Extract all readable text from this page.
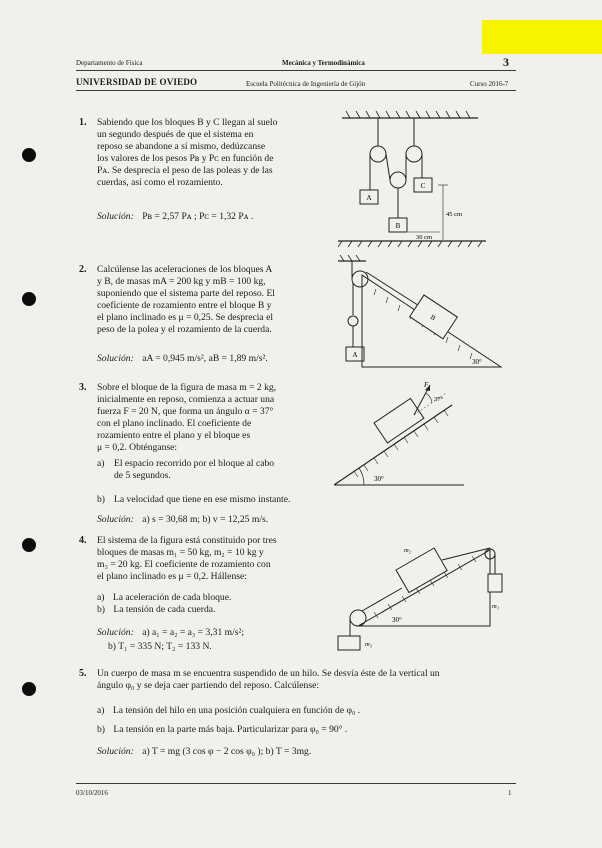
Departamento de Física	Mecánica y Termodinámica	3
UNIVERSIDAD DE OVIEDO	Escuela Politécnica de Ingeniería de Gijón	Curso 2016-7
1. Sabiendo que los bloques B y C llegan al suelo
un segundo después de que el sistema en
reposo se abandone a sí mismo, dedúzcanse
los valores de los pesos Pʙ y Pᴄ en función de
Pᴀ. Se desprecia el peso de las poleas y de las
cuerdas, así como el rozamiento.
Solución: Pʙ = 2,57 Pᴀ ; Pᴄ = 1,32 Pᴀ .
A
B
C
45 cm
30 cm
2. Calcúlense las aceleraciones de los bloques A
y B, de masas mA = 200 kg y mB = 100 kg,
suponiendo que el sistema parte del reposo. El
coeficiente de rozamiento entre el bloque B y
el plano inclinado es μ = 0,25. Se desprecia el
peso de la polea y el rozamiento de la cuerda.
Solución: aA = 0,945 m/s², aB = 1,89 m/s².	A
B
30°
3. Sobre el bloque de la figura de masa m = 2 kg,
inicialmente en reposo, comienza a actuar una
fuerza F = 20 N, que forma un ángulo α = 37°
con el plano inclinado. El coeficiente de
rozamiento entre el plano y el bloque es
μ = 0,2. Obténganse:
a) El espacio recorrido por el bloque al cabo
de 5 segundos.
b) La velocidad que tiene en ese mismo instante.
Solución: a) s = 30,68 m; b) v = 12,25 m/s.
30°
F
37°
4. El sistema de la figura está constituido por tres
bloques de masas m₁ = 50 kg, m₂ = 10 kg y
m₃ = 20 kg. El coeficiente de rozamiento con
el plano inclinado es μ = 0,2. Hállense:
a) La aceleración de cada bloque.
b) La tensión de cada cuerda.
Solución: a) a₁ = a₂ = a₃ = 3,31 m/s²;
b) T₁ = 335 N; T₂ = 133 N.
m₂
m₁
m₃
30°
5. Un cuerpo de masa m se encuentra suspendido de un hilo. Se desvía éste de la vertical un
ángulo φ₀ y se deja caer partiendo del reposo. Calcúlense:
a) La tensión del hilo en una posición cualquiera en función de φ₀ .
b) La tensión en la parte más baja. Particularizar para φ₀ = 90° .
Solución: a) T = mg (3 cos φ − 2 cos φ₀ ); b) T = 3mg.
03/10/2016	1
